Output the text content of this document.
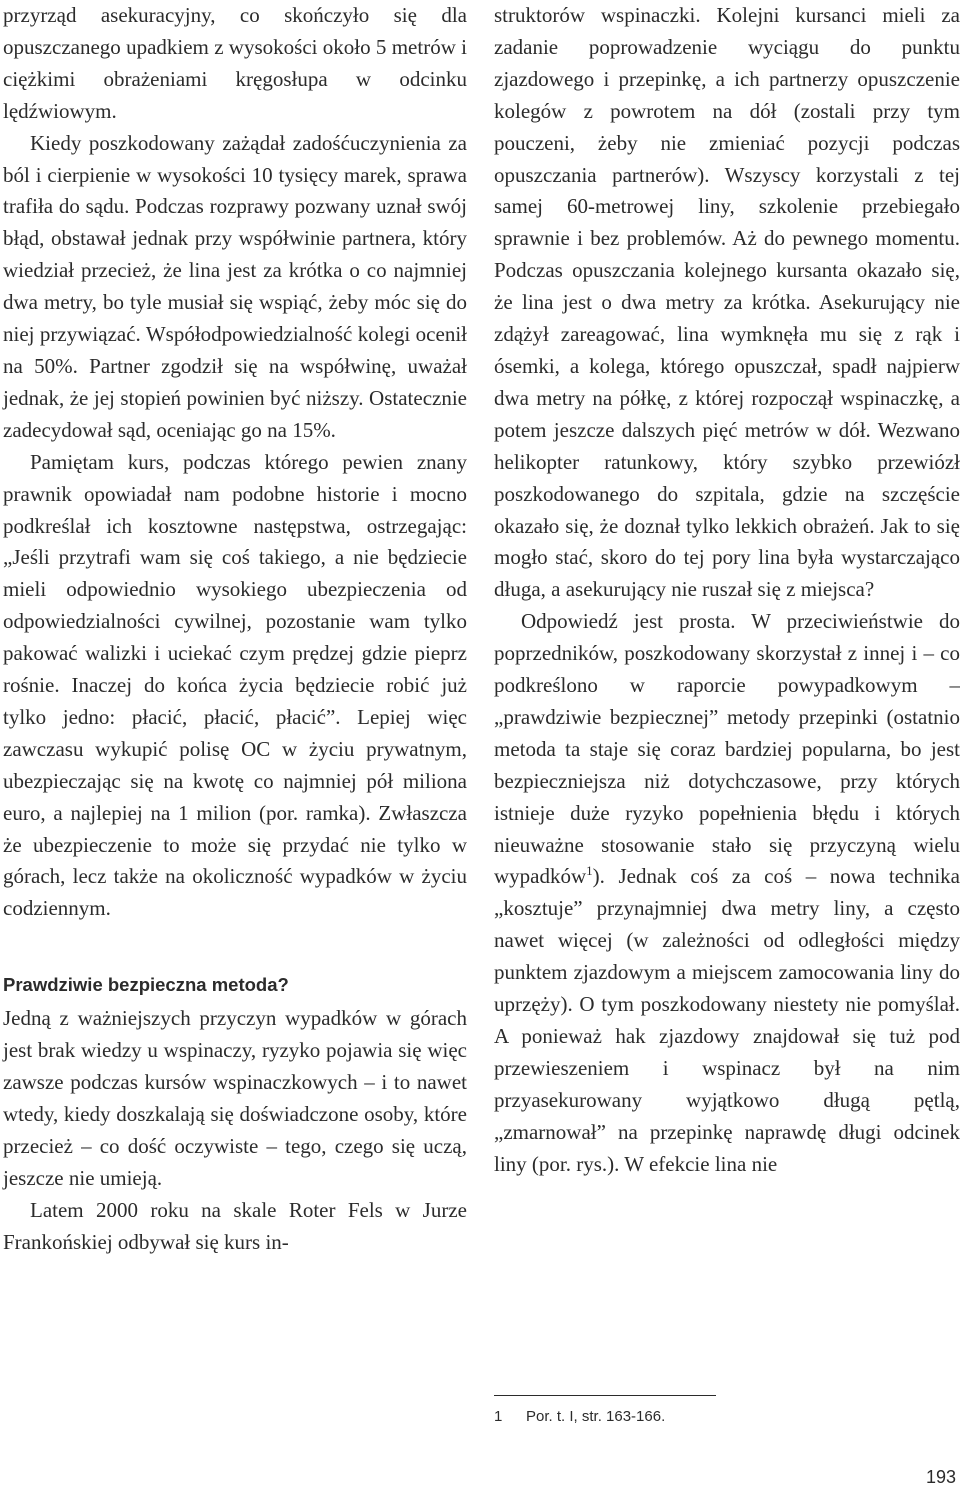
przyrząd asekuracyjny, co skończyło się dla opuszczanego upadkiem z wysokości około 5 metrów i ciężkimi obrażeniami kręgosłupa w odcinku lędźwiowym.

Kiedy poszkodowany zażądał zadośćuczynienia za ból i cierpienie w wysokości 10 tysięcy marek, sprawa trafiła do sądu. Podczas rozprawy pozwany uznał swój błąd, obstawał jednak przy współwinie partnera, który wiedział przecież, że lina jest za krótka o co najmniej dwa metry, bo tyle musiał się wspiąć, żeby móc się do niej przywiązać. Współodpowiedzialność kolegi ocenił na 50%. Partner zgodził się na współwinę, uważał jednak, że jej stopień powinien być niższy. Ostatecznie zadecydował sąd, oceniając go na 15%.

Pamiętam kurs, podczas którego pewien znany prawnik opowiadał nam podobne historie i mocno podkreślał ich kosztowne następstwa, ostrzegając: „Jeśli przytrafi wam się coś takiego, a nie będziecie mieli odpowiednio wysokiego ubezpieczenia od odpowiedzialności cywilnej, pozostanie wam tylko pakować walizki i uciekać czym prędzej gdzie pieprz rośnie. Inaczej do końca życia będziecie robić już tylko jedno: płacić, płacić, płacić”. Lepiej więc zawczasu wykupić polisę OC w życiu prywatnym, ubezpieczając się na kwotę co najmniej pół miliona euro, a najlepiej na 1 milion (por. ramka). Zwłaszcza że ubezpieczenie to może się przydać nie tylko w górach, lecz także na okoliczność wypadków w życiu codziennym.

Prawdziwie bezpieczna metoda?

Jedną z ważniejszych przyczyn wypadków w górach jest brak wiedzy u wspinaczy, ryzyko pojawia się więc zawsze podczas kursów wspinaczkowych – i to nawet wtedy, kiedy doszkalają się doświadczone osoby, które przecież – co dość oczywiste – tego, czego się uczą, jeszcze nie umieją.

Latem 2000 roku na skale Roter Fels w Jurze Frankońskiej odbywał się kurs in-

struktorów wspinaczki. Kolejni kursanci mieli za zadanie poprowadzenie wyciągu do punktu zjazdowego i przepinkę, a ich partnerzy opuszczenie kolegów z powrotem na dół (zostali przy tym pouczeni, żeby nie zmieniać pozycji podczas opuszczania partnerów). Wszyscy korzystali z tej samej 60-metrowej liny, szkolenie przebiegało sprawnie i bez problemów. Aż do pewnego momentu. Podczas opuszczania kolejnego kursanta okazało się, że lina jest o dwa metry za krótka. Asekurujący nie zdążył zareagować, lina wymknęła mu się z rąk i ósemki, a kolega, którego opuszczał, spadł najpierw dwa metry na półkę, z której rozpoczął wspinaczkę, a potem jeszcze dalszych pięć metrów w dół. Wezwano helikopter ratunkowy, który szybko przewiózł poszkodowanego do szpitala, gdzie na szczęście okazało się, że doznał tylko lekkich obrażeń. Jak to się mogło stać, skoro do tej pory lina była wystarczająco długa, a asekurujący nie ruszał się z miejsca?

Odpowiedź jest prosta. W przeciwieństwie do poprzedników, poszkodowany skorzystał z innej i – co podkreślono w raporcie powypadkowym – „prawdziwie bezpiecznej” metody przepinki (ostatnio metoda ta staje się coraz bardziej popularna, bo jest bezpieczniejsza niż dotychczasowe, przy których istnieje duże ryzyko popełnienia błędu i których nieuważne stosowanie stało się przyczyną wielu wypadków$^1$). Jednak coś za coś – nowa technika „kosztuje” przynajmniej dwa metry liny, a często nawet więcej (w zależności od odległości między punktem zjazdowym a miejscem zamocowania liny do uprzęży). O tym poszkodowany niestety nie pomyślał. A ponieważ hak zjazdowy znajdował się tuż pod przewieszeniem i wspinacz był na nim przyasekurowany wyjątkowo długą pętlą, „zmarnował” na przepinkę naprawdę długi odcinek liny (por. rys.). W efekcie lina nie

1 Por. t. I, str. 163-166.
193
